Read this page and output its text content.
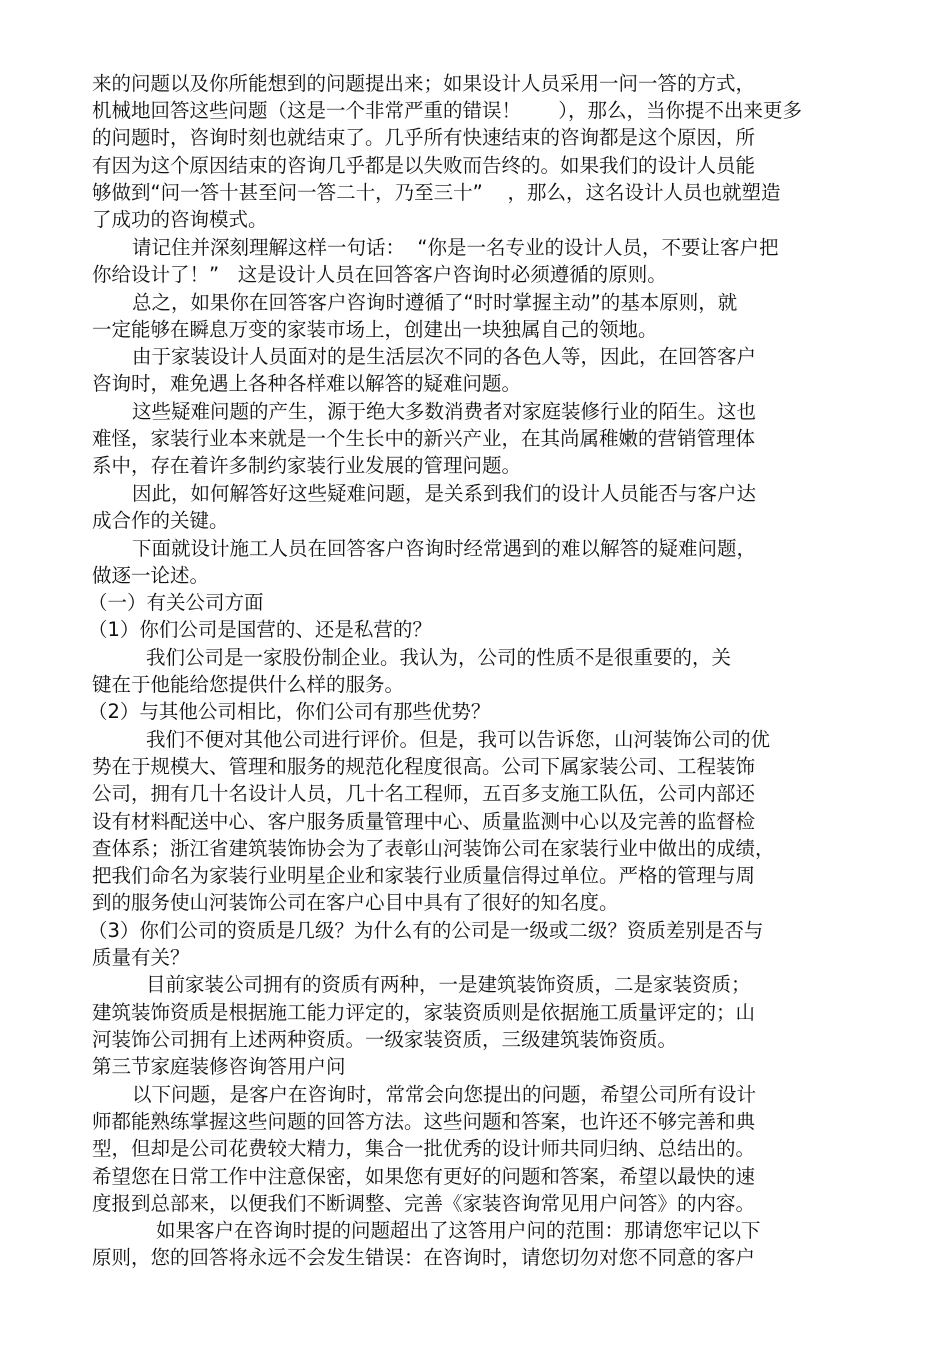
来的问题以及你所能想到的问题提出来；如果设计人员采用一问一答的方式，
机械地回答这些问题（这是一个非常严重的错误！      ），那么，当你提不出来更多
的问题时，咨询时刻也就结束了。几乎所有快速结束的咨询都是这个原因，所
有因为这个原因结束的咨询几乎都是以失败而告终的。如果我们的设计人员能
够做到“问一答十甚至问一答二十，乃至三十”    ，那么，这名设计人员也就塑造
了成功的咨询模式。
请记住并深刻理解这样一句话：  “你是一名专业的设计人员，不要让客户把
你给设计了！”   这是设计人员在回答客户咨询时必须遵循的原则。
总之，如果你在回答客户咨询时遵循了“时时掌握主动”的基本原则，就
一定能够在瞬息万变的家装市场上，创建出一块独属自己的领地。
由于家装设计人员面对的是生活层次不同的各色人等，因此，在回答客户
咨询时，难免遇上各种各样难以解答的疑难问题。
这些疑难问题的产生，源于绝大多数消费者对家庭装修行业的陌生。这也
难怪，家装行业本来就是一个生长中的新兴产业，在其尚属稚嫩的营销管理体
系中，存在着许多制约家装行业发展的管理问题。
因此，如何解答好这些疑难问题，是关系到我们的设计人员能否与客户达
成合作的关键。
下面就设计施工人员在回答客户咨询时经常遇到的难以解答的疑难问题，
做逐一论述。
（一）有关公司方面
（1）你们公司是国营的、还是私营的？
我们公司是一家股份制企业。我认为，公司的性质不是很重要的，关
键在于他能给您提供什么样的服务。
（2）与其他公司相比，你们公司有那些优势？
我们不便对其他公司进行评价。但是，我可以告诉您，山河装饰公司的优
势在于规模大、管理和服务的规范化程度很高。公司下属家装公司、工程装饰
公司，拥有几十名设计人员，几十名工程师，五百多支施工队伍，公司内部还
设有材料配送中心、客户服务质量管理中心、质量监测中心以及完善的监督检
查体系；浙江省建筑装饰协会为了表彰山河装饰公司在家装行业中做出的成绩，
把我们命名为家装行业明星企业和家装行业质量信得过单位。严格的管理与周
到的服务使山河装饰公司在客户心目中具有了很好的知名度。
（3）你们公司的资质是几级？为什么有的公司是一级或二级？资质差别是否与
质量有关？
目前家装公司拥有的资质有两种，一是建筑装饰资质，二是家装资质；
建筑装饰资质是根据施工能力评定的，家装资质则是依据施工质量评定的；山
河装饰公司拥有上述两种资质。一级家装资质，三级建筑装饰资质。
第三节家庭装修咨询答用户问
以下问题，是客户在咨询时，常常会向您提出的问题，希望公司所有设计
师都能熟练掌握这些问题的回答方法。这些问题和答案，也许还不够完善和典
型，但却是公司花费较大精力，集合一批优秀的设计师共同归纳、总结出的。
希望您在日常工作中注意保密，如果您有更好的问题和答案，希望以最快的速
度报到总部来，以便我们不断调整、完善《家装咨询常见用户问答》的内容。
如果客户在咨询时提的问题超出了这答用户问的范围：那请您牢记以下
原则，您的回答将永远不会发生错误：在咨询时，请您切勿对您不同意的客户
